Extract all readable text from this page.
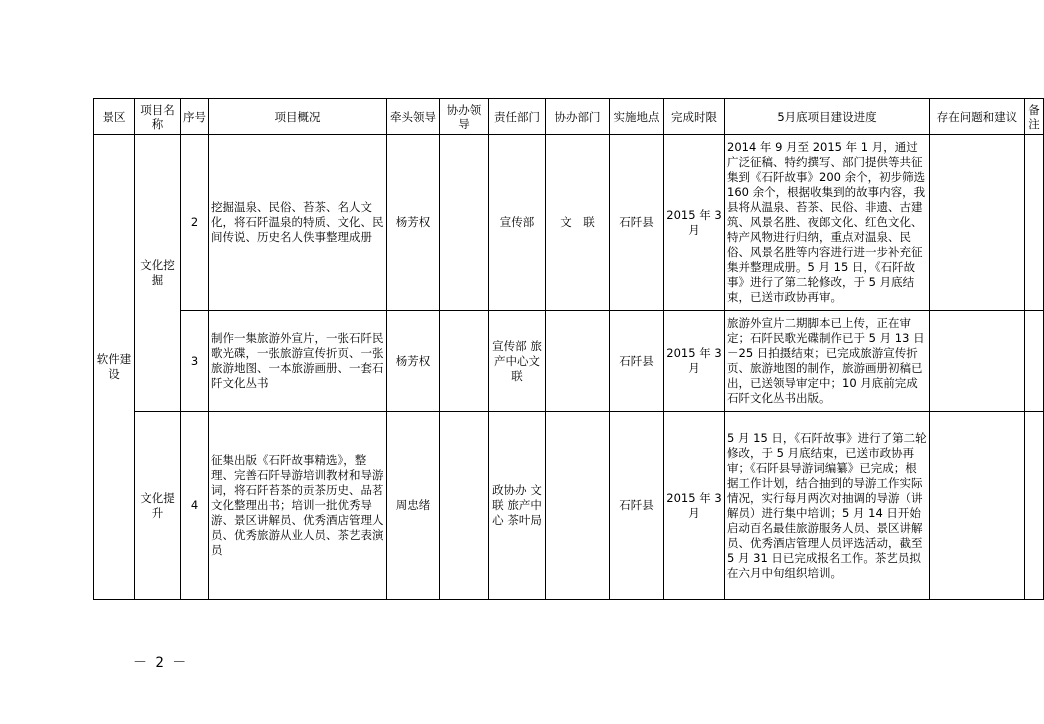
景区	项目名称	序号	项目概况	牵头领导	协办领导	责任部门	协办部门	实施地点	完成时限	5月底项目建设进度	存在问题和建议	备注
软件建设	文化挖掘	2	挖掘温泉、民俗、苔茶、名人文化，将石阡温泉的特质、文化、民间传说、历史名人佚事整理成册	杨芳权		宣传部	文　联	石阡县	2015 年 3 月	2014 年 9 月至 2015 年 1 月，通过广泛征稿、特约撰写、部门提供等共征集到《石阡故事》200 余个，初步筛选 160 余个，根据收集到的故事内容，我县将从温泉、苔茶、民俗、非遗、古建筑、风景名胜、夜郎文化、红色文化、特产风物进行归纳，重点对温泉、民俗、风景名胜等内容进行进一步补充征集并整理成册。5 月 15 日，《石阡故事》进行了第二轮修改，于 5 月底结束，已送市政协再审。		
		3	制作一集旅游外宣片，一张石阡民歌光碟，一张旅游宣传折页、一张旅游地图、一本旅游画册、一套石阡文化丛书	杨芳权		宣传部 旅产中心文联		石阡县	2015 年 3 月	旅游外宣片二期脚本已上传，正在审定；石阡民歌光碟制作已于 5 月 13 日－25 日拍摄结束；已完成旅游宣传折页、旅游地图的制作，旅游画册初稿已出，已送领导审定中；10 月底前完成石阡文化丛书出版。		
	文化提升	4	征集出版《石阡故事精选》，整理、完善石阡导游培训教材和导游词，将石阡苔茶的贡茶历史、品茗文化整理出书；培训一批优秀导游、景区讲解员、优秀酒店管理人员、优秀旅游从业人员、茶艺表演员	周忠绪		政协办 文　联 旅产中心 茶叶局		石阡县	2015 年 3 月	5 月 15 日，《石阡故事》进行了第二轮修改，于 5 月底结束，已送市政协再审；《石阡县导游词编纂》已完成；根据工作计划，结合抽到的导游工作实际情况，实行每月两次对抽调的导游（讲解员）进行集中培训；5 月 14 日开始启动百名最佳旅游服务人员、景区讲解员、优秀酒店管理人员评选活动，截至 5 月 31 日已完成报名工作。茶艺员拟在六月中旬组织培训。		
－ 2 －
